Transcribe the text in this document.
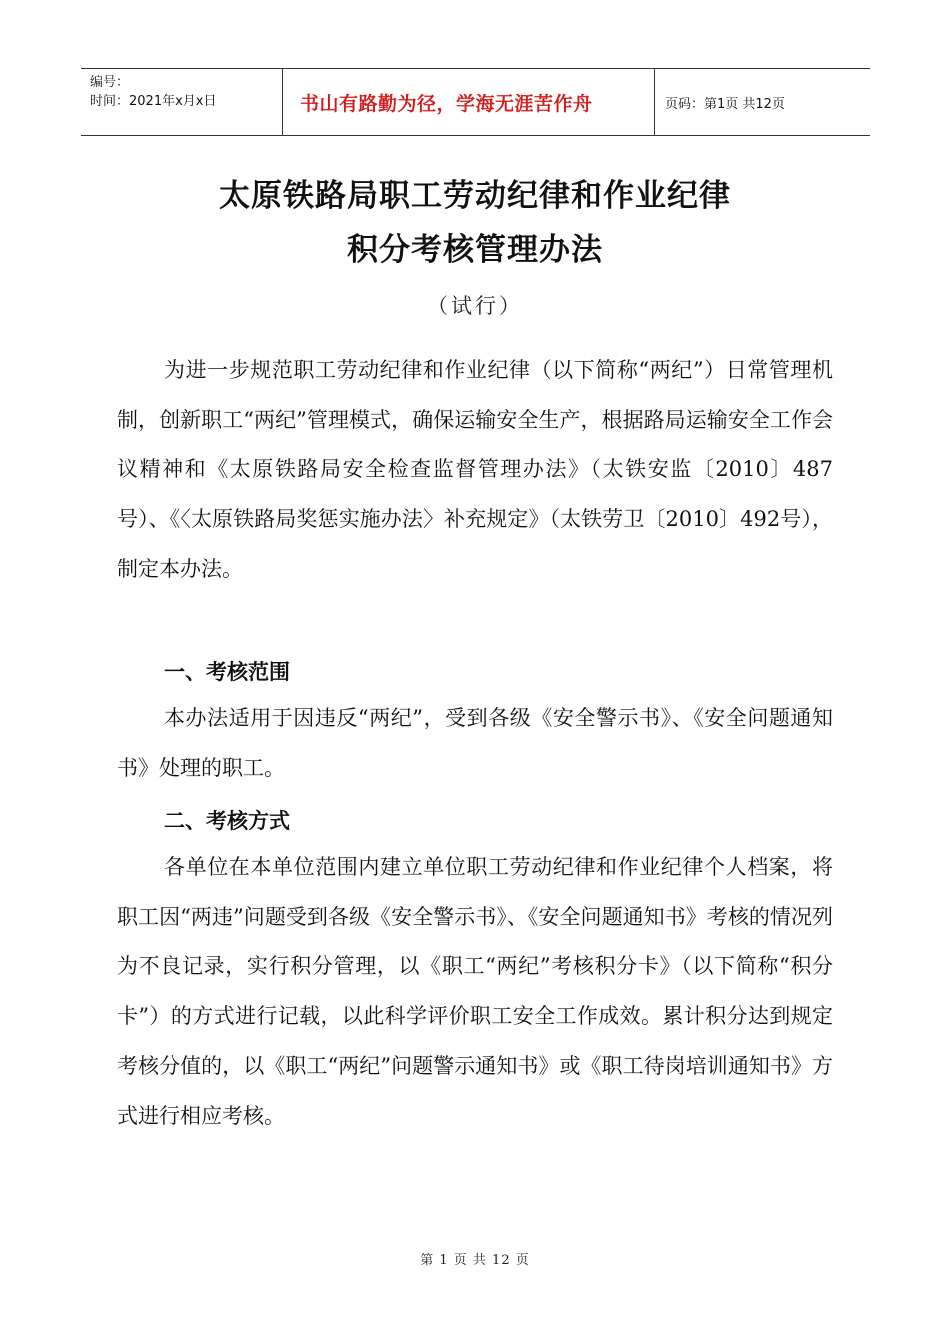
编号：
时间：2021年x月x日	书山有路勤为径，学海无涯苦作舟	页码：第1页 共12页
太原铁路局职工劳动纪律和作业纪律
积分考核管理办法
（试行）
为进一步规范职工劳动纪律和作业纪律（以下简称“两纪”）日常管理机制，创新职工“两纪”管理模式，确保运输安全生产，根据路局运输安全工作会议精神和《太原铁路局安全检查监督管理办法》（太铁安监〔2010〕487号）、《〈太原铁路局奖惩实施办法〉补充规定》（太铁劳卫〔2010〕492号），制定本办法。
一、考核范围
本办法适用于因违反“两纪”，受到各级《安全警示书》、《安全问题通知书》处理的职工。
二、考核方式
各单位在本单位范围内建立单位职工劳动纪律和作业纪律个人档案，将职工因“两违”问题受到各级《安全警示书》、《安全问题通知书》考核的情况列为不良记录，实行积分管理，以《职工“两纪”考核积分卡》（以下简称“积分卡”）的方式进行记载，以此科学评价职工安全工作成效。累计积分达到规定考核分值的，以《职工“两纪”问题警示通知书》或《职工待岗培训通知书》方式进行相应考核。
第 1 页 共 12 页
